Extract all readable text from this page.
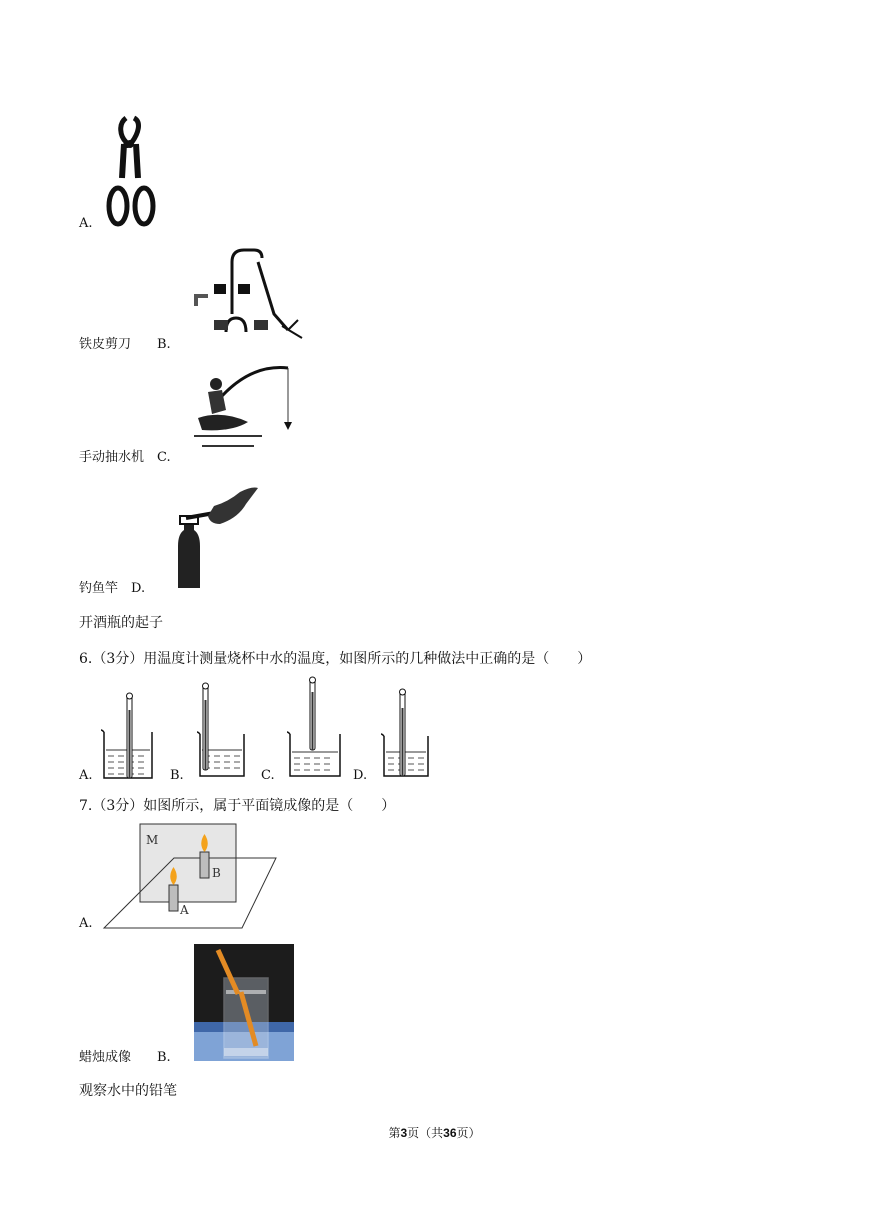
A.
铁皮剪刀　　B.
手动抽水机　C.
钓鱼竿　D.
开酒瓶的起子
6.（3分）用温度计测量烧杯中水的温度，如图所示的几种做法中正确的是（　　）
A.	B.	C.	D.
7.（3分）如图所示，属于平面镜成像的是（　　）
M
B
A
A.
蜡烛成像　　B.
观察水中的铅笔
第3页（共36页）
